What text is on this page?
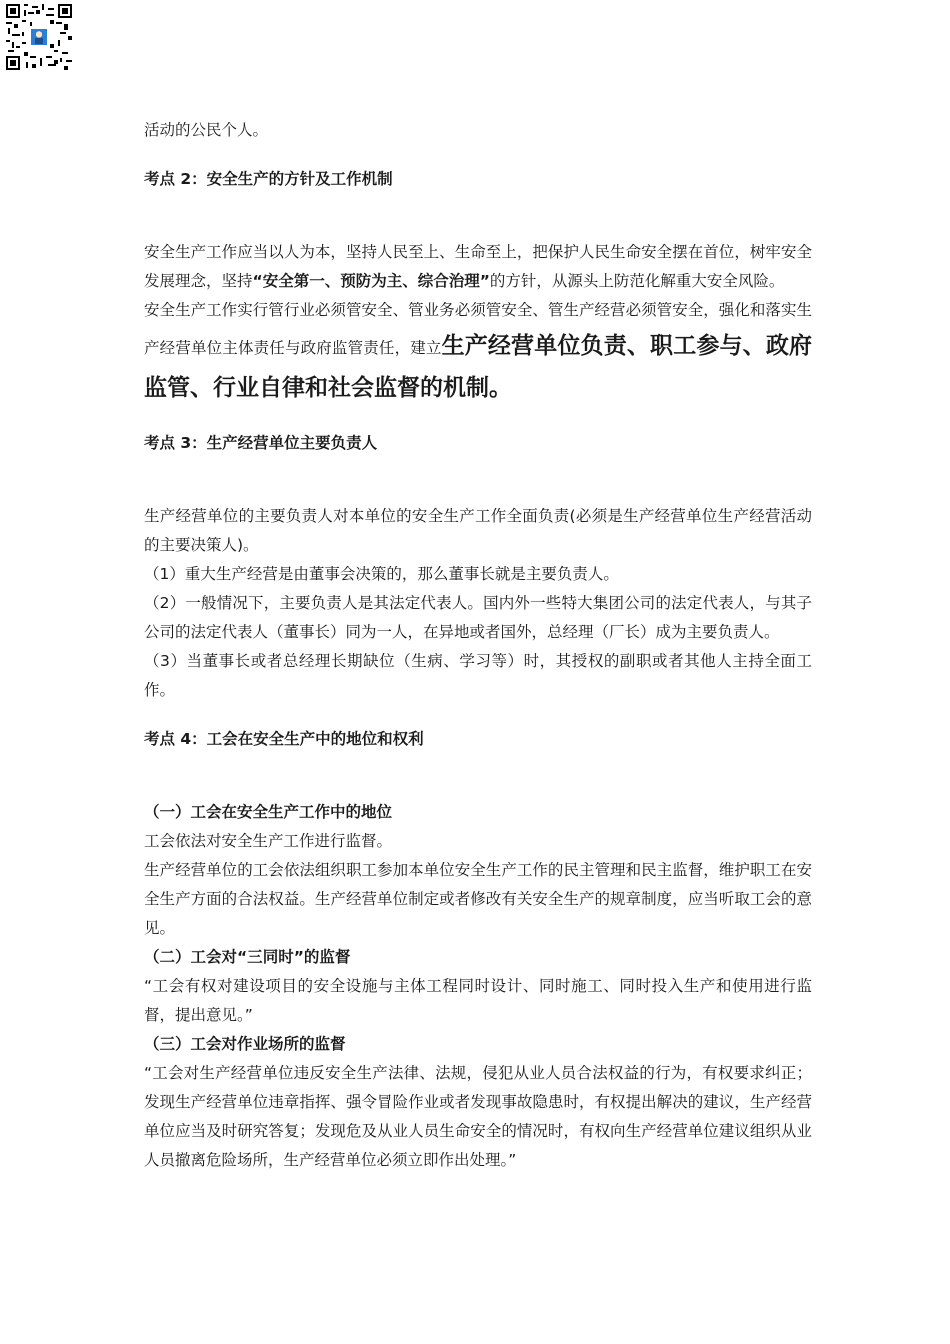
活动的公民个人。

考点 2：安全生产的方针及工作机制

安全生产工作应当以人为本，坚持人民至上、生命至上，把保护人民生命安全摆在首位，树牢安全发展理念，坚持“安全第一、预防为主、综合治理”的方针，从源头上防范化解重大安全风险。

安全生产工作实行管行业必须管安全、管业务必须管安全、管生产经营必须管安全，强化和落实生产经营单位主体责任与政府监管责任，建立生产经营单位负责、职工参与、政府监管、行业自律和社会监督的机制。

考点 3：生产经营单位主要负责人

生产经营单位的主要负责人对本单位的安全生产工作全面负责(必须是生产经营单位生产经营活动的主要决策人)。

（1）重大生产经营是由董事会决策的，那么董事长就是主要负责人。

（2）一般情况下，主要负责人是其法定代表人。国内外一些特大集团公司的法定代表人，与其子公司的法定代表人（董事长）同为一人，在异地或者国外，总经理（厂长）成为主要负责人。

（3）当董事长或者总经理长期缺位（生病、学习等）时，其授权的副职或者其他人主持全面工作。

考点 4：工会在安全生产中的地位和权利

（一）工会在安全生产工作中的地位

工会依法对安全生产工作进行监督。

生产经营单位的工会依法组织职工参加本单位安全生产工作的民主管理和民主监督，维护职工在安全生产方面的合法权益。生产经营单位制定或者修改有关安全生产的规章制度，应当听取工会的意见。

（二）工会对“三同时”的监督

“工会有权对建设项目的安全设施与主体工程同时设计、同时施工、同时投入生产和使用进行监督，提出意见。”

（三）工会对作业场所的监督

“工会对生产经营单位违反安全生产法律、法规，侵犯从业人员合法权益的行为，有权要求纠正；发现生产经营单位违章指挥、强令冒险作业或者发现事故隐患时，有权提出解决的建议，生产经营单位应当及时研究答复；发现危及从业人员生命安全的情况时，有权向生产经营单位建议组织从业人员撤离危险场所，生产经营单位必须立即作出处理。”
